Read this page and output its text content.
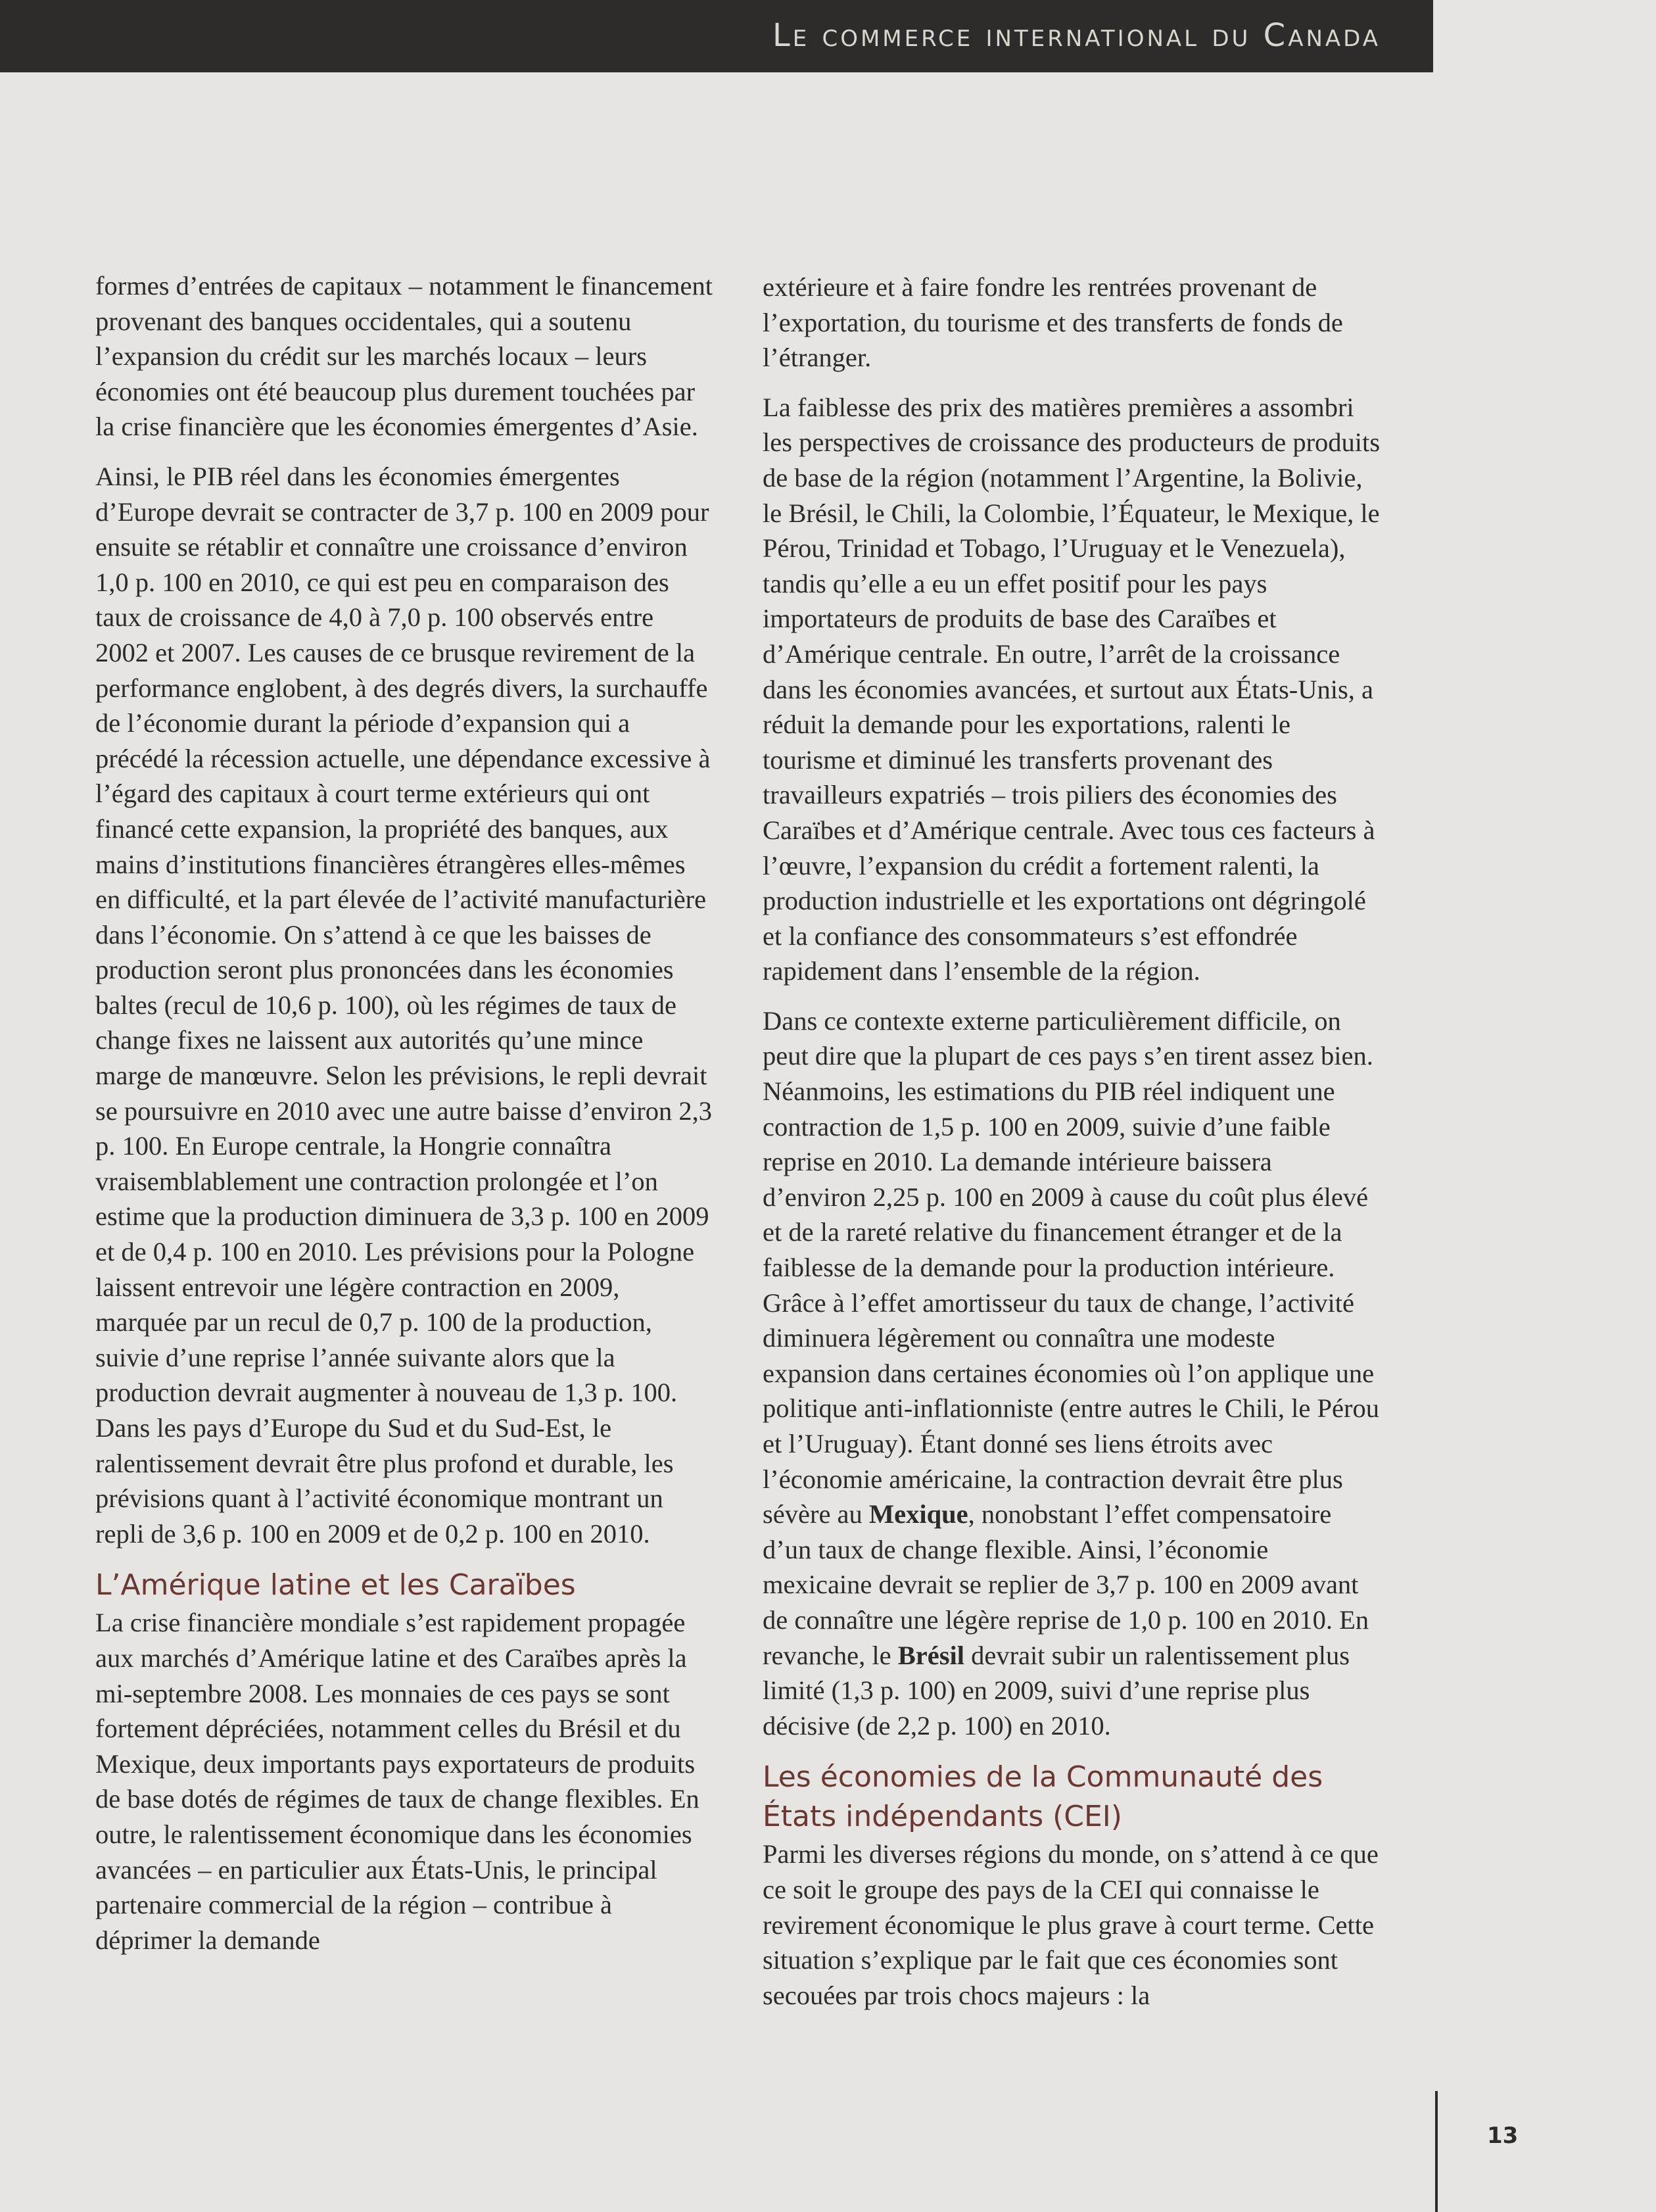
Le commerce international du Canada

formes d’entrées de capitaux – notamment le financement provenant des banques occidentales, qui a soutenu l’expansion du crédit sur les marchés locaux – leurs économies ont été beaucoup plus durement touchées par la crise financière que les économies émergentes d’Asie.

Ainsi, le PIB réel dans les économies émergentes d’Europe devrait se contracter de 3,7 p. 100 en 2009 pour ensuite se rétablir et connaître une croissance d’environ 1,0 p. 100 en 2010, ce qui est peu en comparaison des taux de croissance de 4,0 à 7,0 p. 100 observés entre 2002 et 2007. Les causes de ce brusque revirement de la performance englobent, à des degrés divers, la surchauffe de l’économie durant la période d’expansion qui a précédé la récession actuelle, une dépendance excessive à l’égard des capitaux à court terme extérieurs qui ont financé cette expansion, la propriété des banques, aux mains d’institutions financières étrangères elles-mêmes en difficulté, et la part élevée de l’activité manufacturière dans l’économie. On s’attend à ce que les baisses de production seront plus prononcées dans les économies baltes (recul de 10,6 p. 100), où les régimes de taux de change fixes ne laissent aux autorités qu’une mince marge de manœuvre. Selon les prévisions, le repli devrait se poursuivre en 2010 avec une autre baisse d’environ 2,3 p. 100. En Europe centrale, la Hongrie connaîtra vraisemblablement une contraction prolongée et l’on estime que la production diminuera de 3,3 p. 100 en 2009 et de 0,4 p. 100 en 2010. Les prévisions pour la Pologne laissent entrevoir une légère contraction en 2009, marquée par un recul de 0,7 p. 100 de la production, suivie d’une reprise l’année suivante alors que la production devrait augmenter à nouveau de 1,3 p. 100. Dans les pays d’Europe du Sud et du Sud-Est, le ralentissement devrait être plus profond et durable, les prévisions quant à l’activité économique montrant un repli de 3,6 p. 100 en 2009 et de 0,2 p. 100 en 2010.

L’Amérique latine et les Caraïbes

La crise financière mondiale s’est rapidement propagée aux marchés d’Amérique latine et des Caraïbes après la mi-septembre 2008. Les monnaies de ces pays se sont fortement dépréciées, notamment celles du Brésil et du Mexique, deux importants pays exportateurs de produits de base dotés de régimes de taux de change flexibles. En outre, le ralentissement économique dans les économies avancées – en particulier aux États-Unis, le principal partenaire commercial de la région – contribue à déprimer la demande

extérieure et à faire fondre les rentrées provenant de l’exportation, du tourisme et des transferts de fonds de l’étranger.

La faiblesse des prix des matières premières a assombri les perspectives de croissance des producteurs de produits de base de la région (notamment l’Argentine, la Bolivie, le Brésil, le Chili, la Colombie, l’Équateur, le Mexique, le Pérou, Trinidad et Tobago, l’Uruguay et le Venezuela), tandis qu’elle a eu un effet positif pour les pays importateurs de produits de base des Caraïbes et d’Amérique centrale. En outre, l’arrêt de la croissance dans les économies avancées, et surtout aux États-Unis, a réduit la demande pour les exportations, ralenti le tourisme et diminué les transferts provenant des travailleurs expatriés – trois piliers des économies des Caraïbes et d’Amérique centrale. Avec tous ces facteurs à l’œuvre, l’expansion du crédit a fortement ralenti, la production industrielle et les exportations ont dégringolé et la confiance des consommateurs s’est effondrée rapidement dans l’ensemble de la région.

Dans ce contexte externe particulièrement difficile, on peut dire que la plupart de ces pays s’en tirent assez bien. Néanmoins, les estimations du PIB réel indiquent une contraction de 1,5 p. 100 en 2009, suivie d’une faible reprise en 2010. La demande intérieure baissera d’environ 2,25 p. 100 en 2009 à cause du coût plus élevé et de la rareté relative du financement étranger et de la faiblesse de la demande pour la production intérieure. Grâce à l’effet amortisseur du taux de change, l’activité diminuera légèrement ou connaîtra une modeste expansion dans certaines économies où l’on applique une politique anti-inflationniste (entre autres le Chili, le Pérou et l’Uruguay). Étant donné ses liens étroits avec l’économie américaine, la contraction devrait être plus sévère au Mexique, nonobstant l’effet compensatoire d’un taux de change flexible. Ainsi, l’économie mexicaine devrait se replier de 3,7 p. 100 en 2009 avant de connaître une légère reprise de 1,0 p. 100 en 2010. En revanche, le Brésil devrait subir un ralentissement plus limité (1,3 p. 100) en 2009, suivi d’une reprise plus décisive (de 2,2 p. 100) en 2010.

Les économies de la Communauté des États indépendants (CEI)

Parmi les diverses régions du monde, on s’attend à ce que ce soit le groupe des pays de la CEI qui connaisse le revirement économique le plus grave à court terme. Cette situation s’explique par le fait que ces économies sont secouées par trois chocs majeurs : la

13
